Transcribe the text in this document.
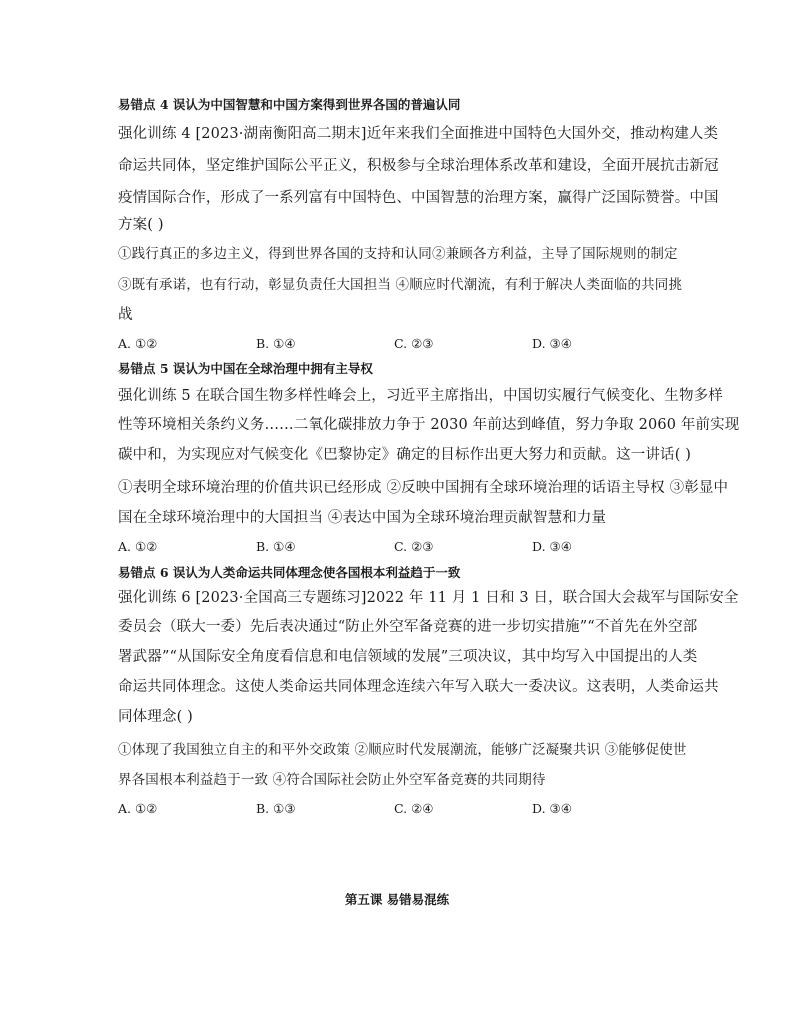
易错点 4 误认为中国智慧和中国方案得到世界各国的普遍认同
强化训练 4 [2023·湖南衡阳高二期末]近年来我们全面推进中国特色大国外交，推动构建人类
命运共同体，坚定维护国际公平正义，积极参与全球治理体系改革和建设，全面开展抗击新冠
疫情国际合作，形成了一系列富有中国特色、中国智慧的治理方案，赢得广泛国际赞誉。中国
方案( )
①践行真正的多边主义，得到世界各国的支持和认同②兼顾各方利益，主导了国际规则的制定
③既有承诺，也有行动，彰显负责任大国担当 ④顺应时代潮流，有利于解决人类面临的共同挑
战
A. ①②	B. ①④	C. ②③	D. ③④
易错点 5 误认为中国在全球治理中拥有主导权
强化训练 5 在联合国生物多样性峰会上，习近平主席指出，中国切实履行气候变化、生物多样
性等环境相关条约义务……二氧化碳排放力争于 2030 年前达到峰值，努力争取 2060 年前实现
碳中和，为实现应对气候变化《巴黎协定》确定的目标作出更大努力和贡献。这一讲话( )
①表明全球环境治理的价值共识已经形成 ②反映中国拥有全球环境治理的话语主导权 ③彰显中
国在全球环境治理中的大国担当 ④表达中国为全球环境治理贡献智慧和力量
A. ①②	B. ①④	C. ②③	D. ③④
易错点 6 误认为人类命运共同体理念使各国根本利益趋于一致
强化训练 6 [2023·全国高三专题练习]2022 年 11 月 1 日和 3 日，联合国大会裁军与国际安全
委员会（联大一委）先后表决通过“防止外空军备竞赛的进一步切实措施”“不首先在外空部
署武器”“从国际安全角度看信息和电信领域的发展”三项决议，其中均写入中国提出的人类
命运共同体理念。这使人类命运共同体理念连续六年写入联大一委决议。这表明，人类命运共
同体理念( )
①体现了我国独立自主的和平外交政策 ②顺应时代发展潮流，能够广泛凝聚共识 ③能够促使世
界各国根本利益趋于一致 ④符合国际社会防止外空军备竞赛的共同期待
A. ①②	B. ①③	C. ②④	D. ③④
第五课 易错易混练
